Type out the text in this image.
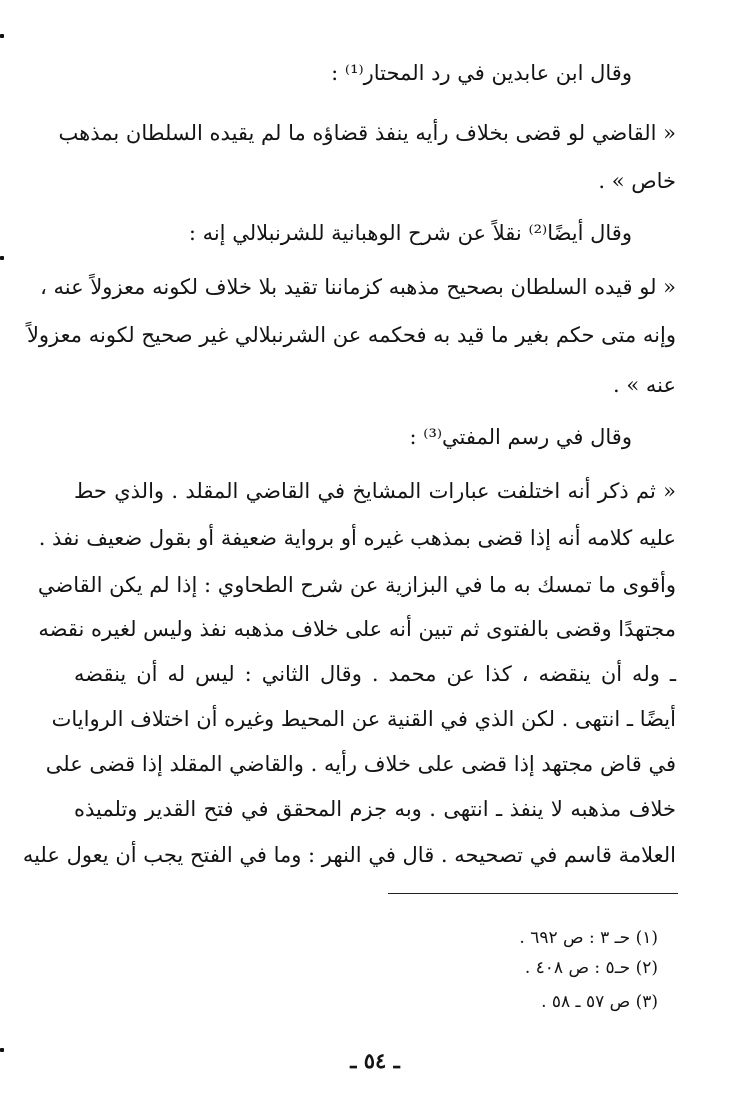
وقال ابن عابدين في رد المحتار⁽¹⁾ :
« القاضي لو قضى بخلاف رأيه ينفذ قضاؤه ما لم يقيده السلطان بمذهب
خاص » .
وقال أيضًا⁽²⁾ نقلاً عن شرح الوهبانية للشرنبلالي إنه :
« لو قيده السلطان بصحيح مذهبه كزماننا تقيد بلا خلاف لكونه معزولاً عنه ،
وإنه متى حكم بغير ما قيد به فحكمه عن الشرنبلالي غير صحيح لكونه معزولاً
عنه » .
وقال في رسم المفتي⁽³⁾ :
« ثم ذكر أنه اختلفت عبارات المشايخ في القاضي المقلد . والذي حط
عليه كلامه أنه إذا قضى بمذهب غيره أو برواية ضعيفة أو بقول ضعيف نفذ .
وأقوى ما تمسك به ما في البزازية عن شرح الطحاوي : إذا لم يكن القاضي
مجتهدًا وقضى بالفتوى ثم تبين أنه على خلاف مذهبه نفذ وليس لغيره نقضه
ـ وله أن ينقضه ، كذا عن محمد . وقال الثاني : ليس له أن ينقضه
أيضًا ـ انتهى . لكن الذي في القنية عن المحيط وغيره أن اختلاف الروايات
في قاض مجتهد إذا قضى على خلاف رأيه . والقاضي المقلد إذا قضى على
خلاف مذهبه لا ينفذ ـ انتهى . وبه جزم المحقق في فتح القدير وتلميذه
العلامة قاسم في تصحيحه . قال في النهر : وما في الفتح يجب أن يعول عليه
(١) حـ ٣ : ص ٦٩٢ .
(٢) حـ٥ : ص ٤٠٨ .
(٣) ص ٥٧ ـ ٥٨ .
ـ ٥٤ ـ
